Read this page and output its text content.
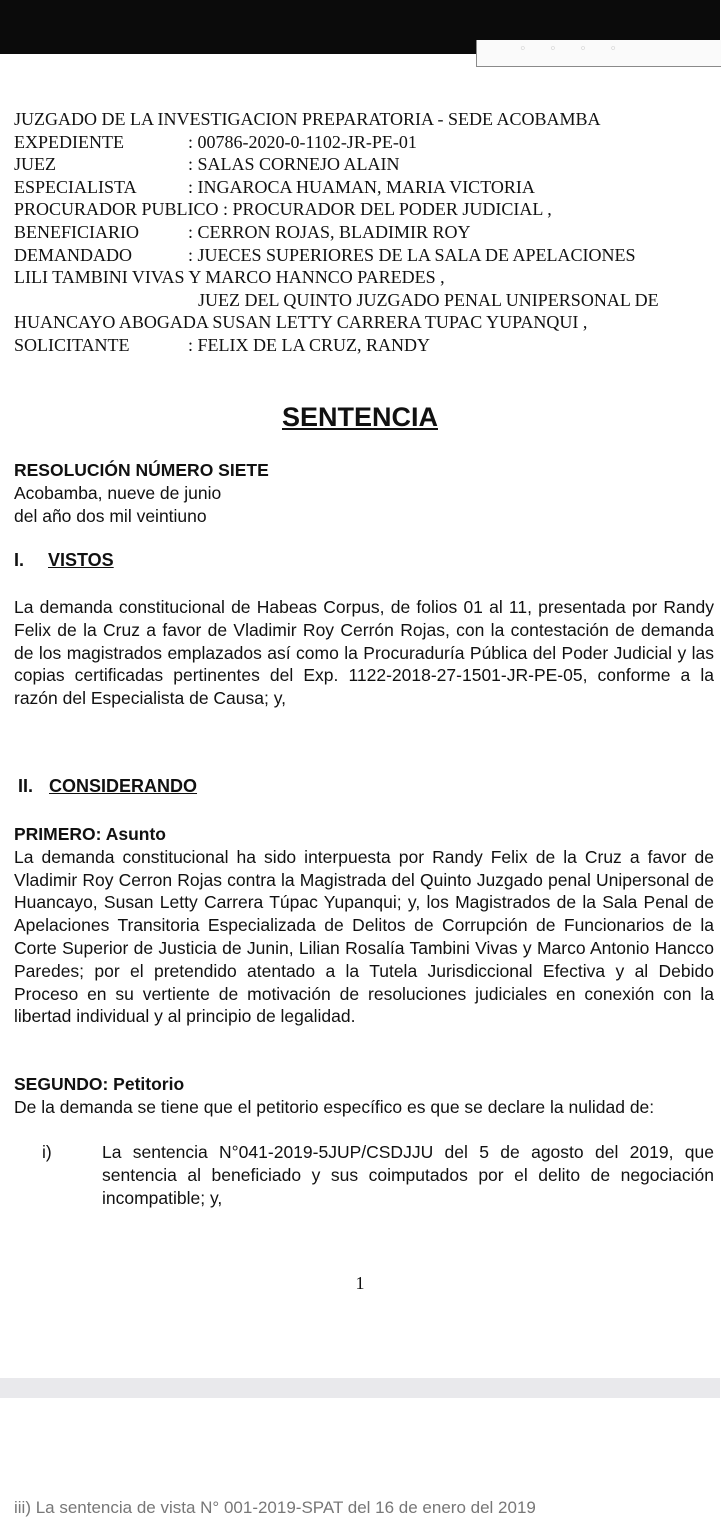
◦ ◦ ◦ ◦
JUZGADO DE LA INVESTIGACION PREPARATORIA - SEDE ACOBAMBA
EXPEDIENTE	: 00786-2020-0-1102-JR-PE-01
JUEZ	: SALAS CORNEJO ALAIN
ESPECIALISTA	: INGAROCA HUAMAN, MARIA VICTORIA
PROCURADOR PUBLICO : PROCURADOR DEL PODER JUDICIAL ,
BENEFICIARIO	: CERRON ROJAS, BLADIMIR ROY
DEMANDADO	: JUECES SUPERIORES DE LA SALA DE APELACIONES
LILI TAMBINI VIVAS Y MARCO HANNCO PAREDES ,
JUEZ DEL QUINTO JUZGADO PENAL UNIPERSONAL DE
HUANCAYO ABOGADA SUSAN LETTY CARRERA TUPAC YUPANQUI ,
SOLICITANTE	: FELIX DE LA CRUZ, RANDY
SENTENCIA
RESOLUCIÓN NÚMERO SIETE
Acobamba, nueve de junio
del año dos mil veintiuno
I. VISTOS
La demanda constitucional de Habeas Corpus, de folios 01 al 11, presentada por Randy Felix de la Cruz a favor de Vladimir Roy Cerrón Rojas, con la contestación de demanda de los magistrados emplazados así como la Procuraduría Pública del Poder Judicial y las copias certificadas pertinentes del Exp. 1122-2018-27-1501-JR-PE-05, conforme a la razón del Especialista de Causa; y,
II. CONSIDERANDO
PRIMERO: Asunto
La demanda constitucional ha sido interpuesta por Randy Felix de la Cruz a favor de Vladimir Roy Cerron Rojas contra la Magistrada del Quinto Juzgado penal Unipersonal de Huancayo, Susan Letty Carrera Túpac Yupanqui; y, los Magistrados de la Sala Penal de Apelaciones Transitoria Especializada de Delitos de Corrupción de Funcionarios de la Corte Superior de Justicia de Junin, Lilian Rosalía Tambini Vivas y Marco Antonio Hancco Paredes; por el pretendido atentado a la Tutela Jurisdiccional Efectiva y al Debido Proceso en su vertiente de motivación de resoluciones judiciales en conexión con la libertad individual y al principio de legalidad.
SEGUNDO: Petitorio
De la demanda se tiene que el petitorio específico es que se declare la nulidad de:
i)	La sentencia N°041-2019-5JUP/CSDJJU del 5 de agosto del 2019, que sentencia al beneficiado y sus coimputados por el delito de negociación incompatible; y,
1
iii) La sentencia de vista N° 001-2019-SPAT del 16 de enero del 2019
